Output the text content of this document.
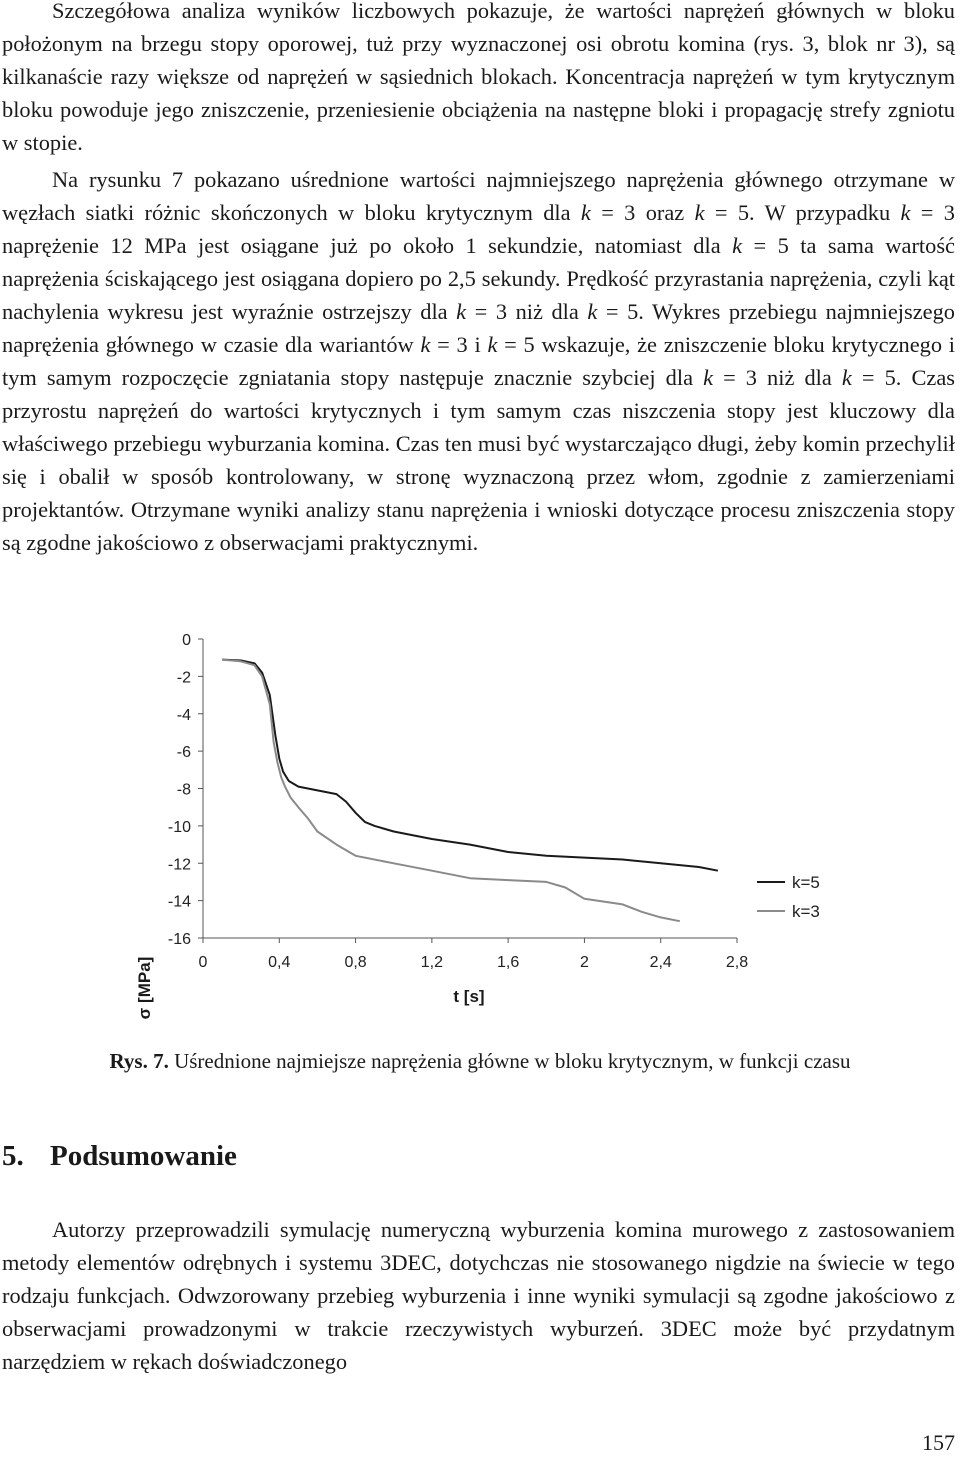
Szczegółowa analiza wyników liczbowych pokazuje, że wartości naprężeń głównych w bloku położonym na brzegu stopy oporowej, tuż przy wyznaczonej osi obrotu komina (rys. 3, blok nr 3), są kilkanaście razy większe od naprężeń w sąsiednich blokach. Koncentracja naprężeń w tym krytycznym bloku powoduje jego zniszczenie, przeniesienie obciążenia na następne bloki i propagację strefy zgniotu w stopie.

Na rysunku 7 pokazano uśrednione wartości najmniejszego naprężenia głównego otrzymane w węzłach siatki różnic skończonych w bloku krytycznym dla k = 3 oraz k = 5. W przypadku k = 3 naprężenie 12 MPa jest osiągane już po około 1 sekundzie, natomiast dla k = 5 ta sama wartość naprężenia ściskającego jest osiągana dopiero po 2,5 sekundy. Prędkość przyrastania naprężenia, czyli kąt nachylenia wykresu jest wyraźnie ostrzejszy dla k = 3 niż dla k = 5. Wykres przebiegu najmniejszego naprężenia głównego w czasie dla wariantów k = 3 i k = 5 wskazuje, że zniszczenie bloku krytycznego i tym samym rozpoczęcie zgniatania stopy następuje znacznie szybciej dla k = 3 niż dla k = 5. Czas przyrostu naprężeń do wartości krytycznych i tym samym czas niszczenia stopy jest kluczowy dla właściwego przebiegu wyburzania komina. Czas ten musi być wystarczająco długi, żeby komin przechylił się i obalił w sposób kontrolowany, w stronę wyznaczoną przez włom, zgodnie z zamierzeniami projektantów. Otrzymane wyniki analizy stanu naprężenia i wnioski dotyczące procesu zniszczenia stopy są zgodne jakościowo z obserwacjami praktycznymi.

0
-2
-4
-6
-8
-10
-12
-14
-16
0	0,4	0,8	1,2	1,6	2	2,4	2,8
k=5
k=3
σ [MPa]	t [s]
Rys. 7. Uśrednione najmiejsze naprężenia główne w bloku krytycznym, w funkcji czasu
5. Podsumowanie

Autorzy przeprowadzili symulację numeryczną wyburzenia komina murowego z zastosowaniem metody elementów odrębnych i systemu 3DEC, dotychczas nie stosowanego nigdzie na świecie w tego rodzaju funkcjach. Odwzorowany przebieg wyburzenia i inne wyniki symulacji są zgodne jakościowo z obserwacjami prowadzonymi w trakcie rzeczywistych wyburzeń. 3DEC może być przydatnym narzędziem w rękach doświadczonego

157
